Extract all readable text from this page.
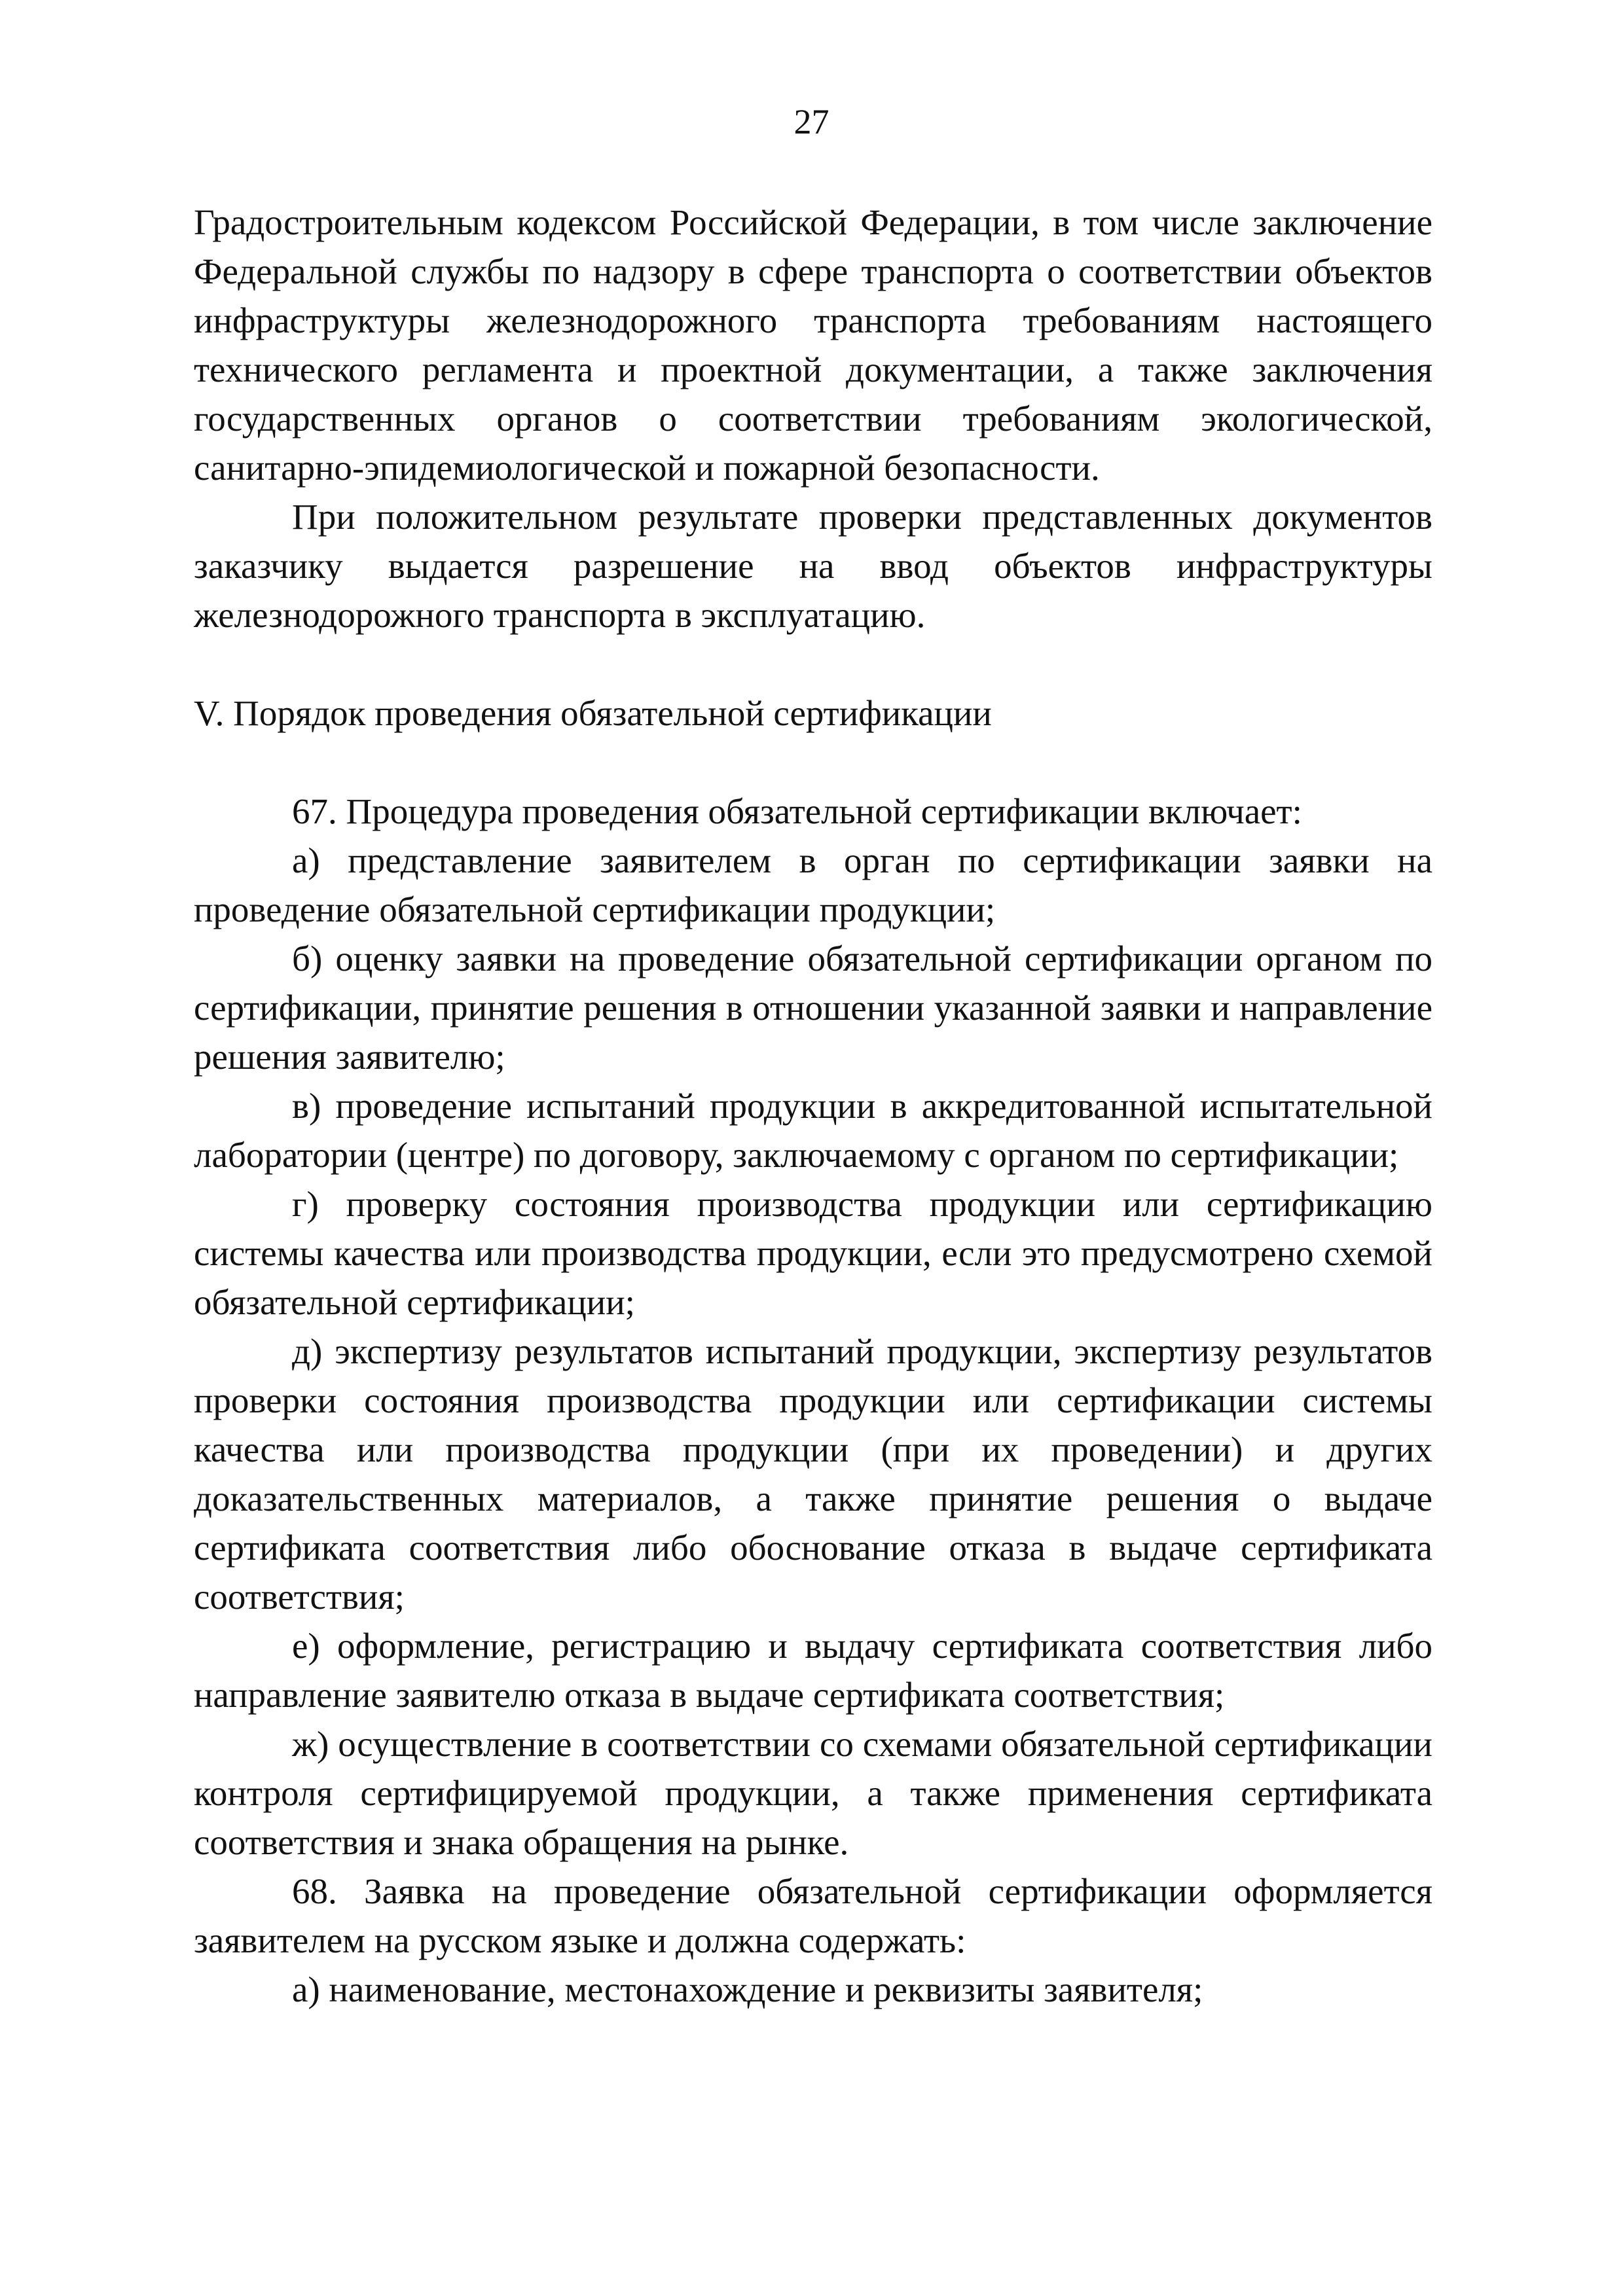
27

Градостроительным кодексом Российской Федерации, в том числе заключение Федеральной службы по надзору в сфере транспорта о соответствии объектов инфраструктуры железнодорожного транспорта требованиям настоящего технического регламента и проектной документации, а также заключения государственных органов о соответствии требованиям экологической, санитарно-эпидемиологической и пожарной безопасности.

При положительном результате проверки представленных документов заказчику выдается разрешение на ввод объектов инфраструктуры железнодорожного транспорта в эксплуатацию.

V. Порядок проведения обязательной сертификации

67. Процедура проведения обязательной сертификации включает:

а) представление заявителем в орган по сертификации заявки на проведение обязательной сертификации продукции;

б) оценку заявки на проведение обязательной сертификации органом по сертификации, принятие решения в отношении указанной заявки и направление решения заявителю;

в) проведение испытаний продукции в аккредитованной испытательной лаборатории (центре) по договору, заключаемому с органом по сертификации;

г) проверку состояния производства продукции или сертификацию системы качества или производства продукции, если это предусмотрено схемой обязательной сертификации;

д) экспертизу результатов испытаний продукции, экспертизу результатов проверки состояния производства продукции или сертификации системы качества или производства продукции (при их проведении) и других доказательственных материалов, а также принятие решения о выдаче сертификата соответствия либо обоснование отказа в выдаче сертификата соответствия;

е) оформление, регистрацию и выдачу сертификата соответствия либо направление заявителю отказа в выдаче сертификата соответствия;

ж) осуществление в соответствии со схемами обязательной сертификации контроля сертифицируемой продукции, а также применения сертификата соответствия и знака обращения на рынке.

68. Заявка на проведение обязательной сертификации оформляется заявителем на русском языке и должна содержать:

а) наименование, местонахождение и реквизиты заявителя;
